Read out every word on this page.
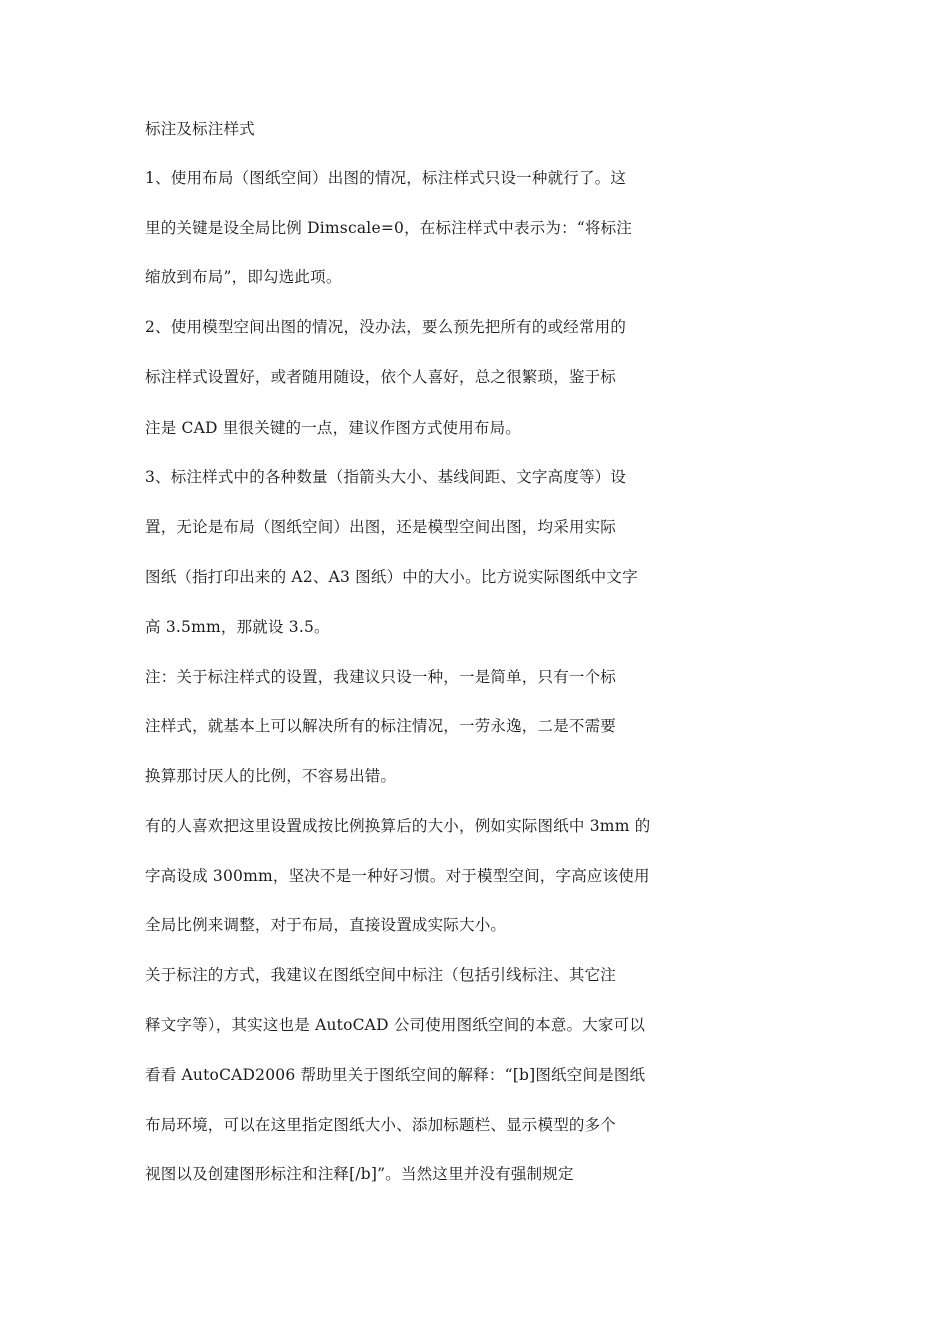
标注及标注样式
1、使用布局（图纸空间）出图的情况，标注样式只设一种就行了。这
里的关键是设全局比例 Dimscale=0，在标注样式中表示为：“将标注
缩放到布局”，即勾选此项。
2、使用模型空间出图的情况，没办法，要么预先把所有的或经常用的
标注样式设置好，或者随用随设，依个人喜好，总之很繁琐，鉴于标
注是 CAD 里很关键的一点，建议作图方式使用布局。
3、标注样式中的各种数量（指箭头大小、基线间距、文字高度等）设
置，无论是布局（图纸空间）出图，还是模型空间出图，均采用实际
图纸（指打印出来的 A2、A3 图纸）中的大小。比方说实际图纸中文字
高 3.5mm，那就设 3.5。
注：关于标注样式的设置，我建议只设一种，一是简单，只有一个标
注样式，就基本上可以解决所有的标注情况，一劳永逸，二是不需要
换算那讨厌人的比例，不容易出错。
有的人喜欢把这里设置成按比例换算后的大小，例如实际图纸中 3mm 的
字高设成 300mm，坚决不是一种好习惯。对于模型空间，字高应该使用
全局比例来调整，对于布局，直接设置成实际大小。
关于标注的方式，我建议在图纸空间中标注（包括引线标注、其它注
释文字等），其实这也是 AutoCAD 公司使用图纸空间的本意。大家可以
看看 AutoCAD2006 帮助里关于图纸空间的解释：“[b]图纸空间是图纸
布局环境，可以在这里指定图纸大小、添加标题栏、显示模型的多个
视图以及创建图形标注和注释[/b]”。当然这里并没有强制规定
